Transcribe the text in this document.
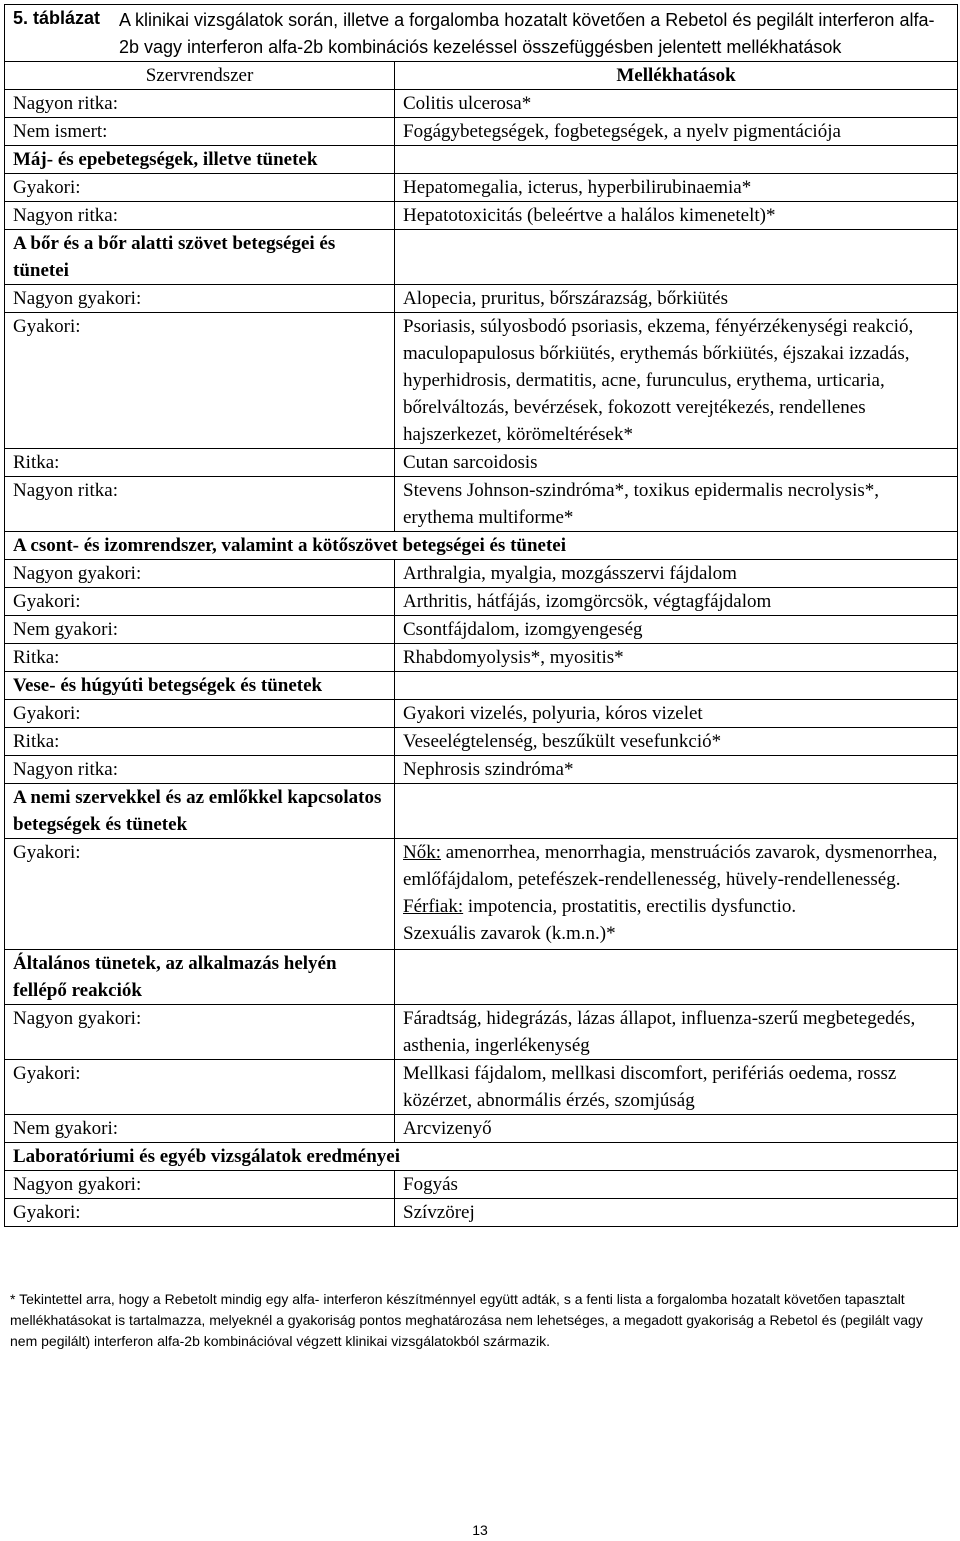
5. táblázat A klinikai vizsgálatok során, illetve a forgalomba hozatalt követően a Rebetol és pegilált interferon alfa-2b vagy interferon alfa-2b kombinációs kezeléssel összefüggésben jelentett mellékhatások	

Szervrendszer	Mellékhatások
Nagyon ritka:	Colitis ulcerosa*
Nem ismert:	Fogágybetegségek, fogbetegségek, a nyelv pigmentációja
Máj- és epebetegségek, illetve tünetek	
Gyakori:	Hepatomegalia, icterus, hyperbilirubinaemia*
Nagyon ritka:	Hepatotoxicitás (beleértve a halálos kimenetelt)*
A bőr és a bőr alatti szövet betegségei és tünetei	
Nagyon gyakori:	Alopecia, pruritus, bőrszárazság, bőrkiütés
Gyakori:	Psoriasis, súlyosbodó psoriasis, ekzema, fényérzékenységi reakció, maculopapulosus bőrkiütés, erythemás bőrkiütés, éjszakai izzadás, hyperhidrosis, dermatitis, acne, furunculus, erythema, urticaria, bőrelváltozás, bevérzések, fokozott verejtékezés, rendellenes hajszerkezet, körömeltérések*
Ritka:	Cutan sarcoidosis
Nagyon ritka:	Stevens Johnson-szindróma*, toxikus epidermalis necrolysis*, erythema multiforme*
A csont- és izomrendszer, valamint a kötőszövet betegségei és tünetei	
Nagyon gyakori:	Arthralgia, myalgia, mozgásszervi fájdalom
Gyakori:	Arthritis, hátfájás, izomgörcsök, végtagfájdalom
Nem gyakori:	Csontfájdalom, izomgyengeség
Ritka:	Rhabdomyolysis*, myositis*
Vese- és húgyúti betegségek és tünetek	
Gyakori:	Gyakori vizelés, polyuria, kóros vizelet
Ritka:	Veseelégtelenség, beszűkült vesefunkció*
Nagyon ritka:	Nephrosis szindróma*
A nemi szervekkel és az emlőkkel kapcsolatos betegségek és tünetek	
Gyakori:	Nők: amenorrhea, menorrhagia, menstruációs zavarok, dysmenorrhea, emlőfájdalom, petefészek-rendellenesség, hüvely-rendellenesség. Férfiak: impotencia, prostatitis, erectilis dysfunctio.
Szexuális zavarok (k.m.n.)*

Általános tünetek, az alkalmazás helyén fellépő reakciók	
Nagyon gyakori:	Fáradtság, hidegrázás, lázas állapot, influenza-szerű megbetegedés, asthenia, ingerlékenység
Gyakori:	Mellkasi fájdalom, mellkasi discomfort, perifériás oedema, rossz közérzet, abnormális érzés, szomjúság
Nem gyakori:	Arcvizenyő
Laboratóriumi és egyéb vizsgálatok eredményei	
Nagyon gyakori:	Fogyás
Gyakori:	Szívzörej
* Tekintettel arra, hogy a Rebetolt mindig egy alfa- interferon készítménnyel együtt adták, s a fenti lista a forgalomba hozatalt követően tapasztalt mellékhatásokat is tartalmazza, melyeknél a gyakoriság pontos meghatározása nem lehetséges, a megadott gyakoriság a Rebetol és (pegilált vagy nem pegilált) interferon alfa-2b kombinációval végzett klinikai vizsgálatokból származik.
13
